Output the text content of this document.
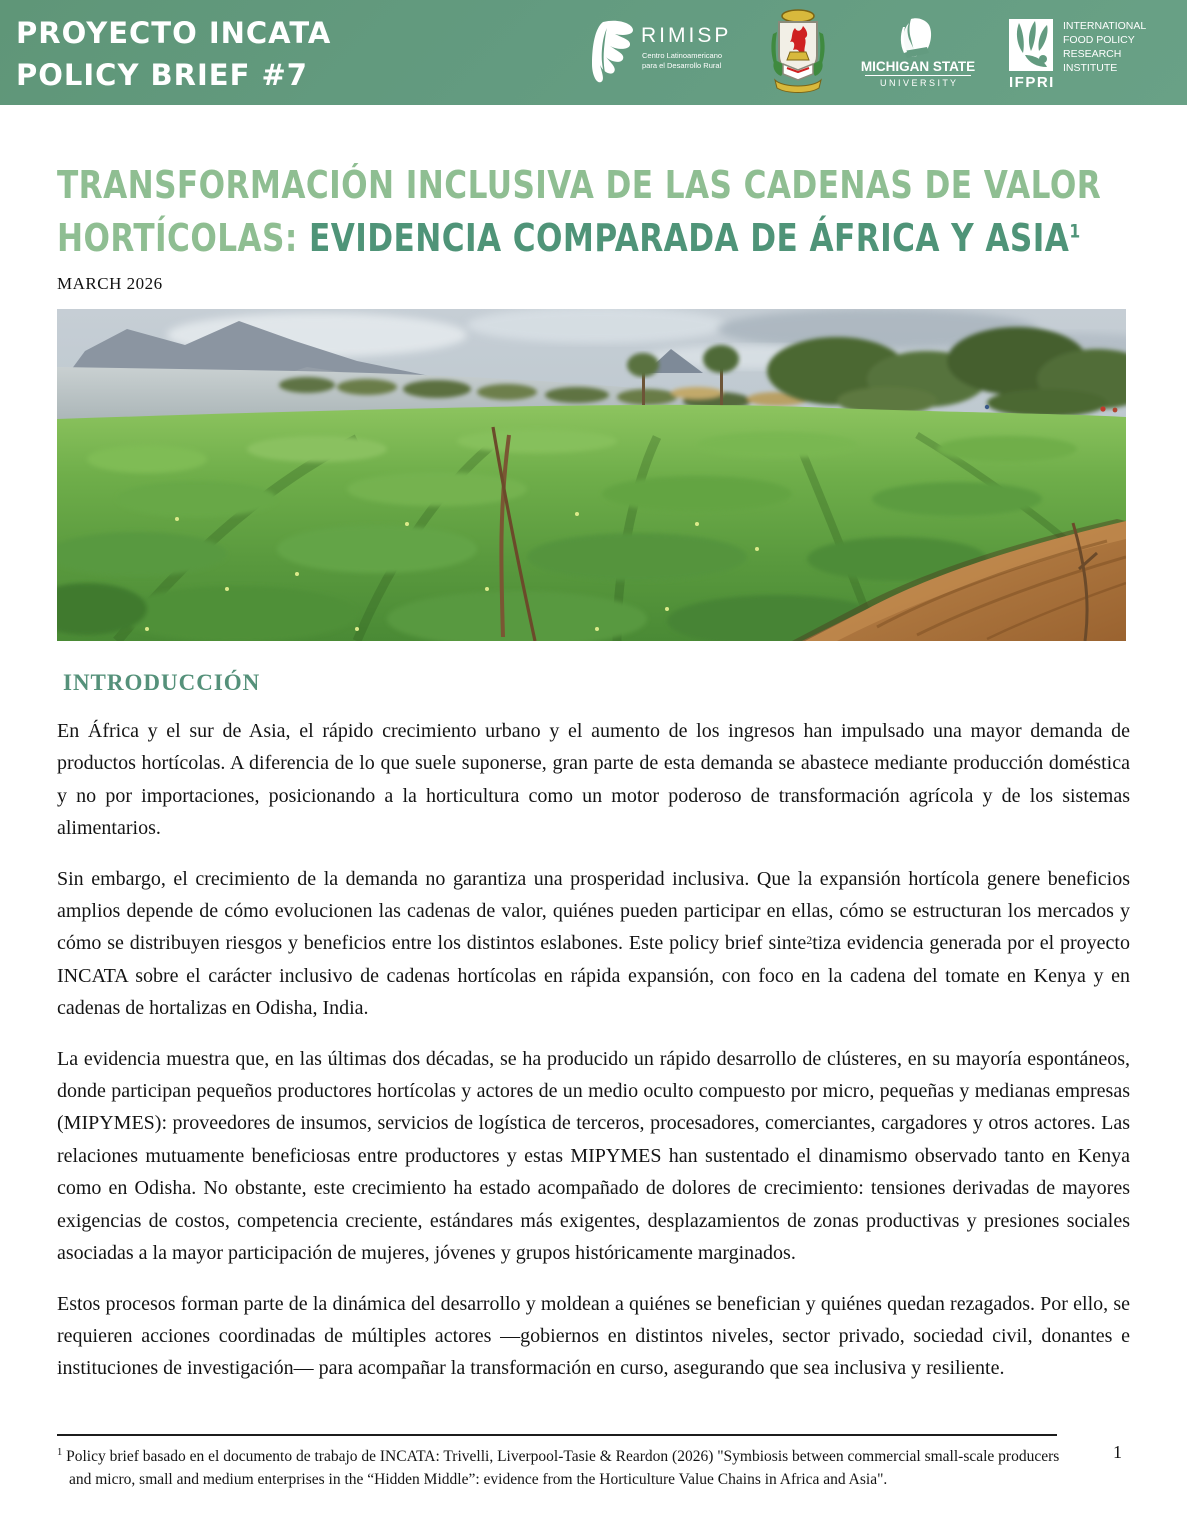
PROYECTO INCATA
POLICY BRIEF #7
RIMISP
Centro Latinoamericano
para el Desarrollo Rural	MICHIGAN STATE
U N I V E R S I T Y	IFPRI
INTERNATIONAL
FOOD POLICY
RESEARCH
INSTITUTE
TRANSFORMACIÓN INCLUSIVA DE LAS CADENAS DE VALOR
HORTÍCOLAS: EVIDENCIA COMPARADA DE ÁFRICA Y ASIA$^1$
MARCH 2026
INTRODUCCIÓN

En África y el sur de Asia, el rápido crecimiento urbano y el aumento de los ingresos han impulsado una mayor demanda de productos hortícolas. A diferencia de lo que suele suponerse, gran parte de esta demanda se abastece mediante producción doméstica y no por importaciones, posicionando a la horticultura como un motor poderoso de transformación agrícola y de los sistemas alimentarios.

Sin embargo, el crecimiento de la demanda no garantiza una prosperidad inclusiva. Que la expansión hortícola genere beneficios amplios depende de cómo evolucionen las cadenas de valor, quiénes pueden participar en ellas, cómo se estructuran los mercados y cómo se distribuyen riesgos y beneficios entre los distintos eslabones. Este policy brief sinte$^2$tiza evidencia generada por el proyecto INCATA sobre el carácter inclusivo de cadenas hortícolas en rápida expansión, con foco en la cadena del tomate en Kenya y en cadenas de hortalizas en Odisha, India.

La evidencia muestra que, en las últimas dos décadas, se ha producido un rápido desarrollo de clústeres, en su mayoría espontáneos, donde participan pequeños productores hortícolas y actores de un medio oculto compuesto por micro, pequeñas y medianas empresas (MIPYMES): proveedores de insumos, servicios de logística de terceros, procesadores, comerciantes, cargadores y otros actores. Las relaciones mutuamente beneficiosas entre productores y estas MIPYMES han sustentado el dinamismo observado tanto en Kenya como en Odisha. No obstante, este crecimiento ha estado acompañado de dolores de crecimiento: tensiones derivadas de mayores exigencias de costos, competencia creciente, estándares más exigentes, desplazamientos de zonas productivas y presiones sociales asociadas a la mayor participación de mujeres, jóvenes y grupos históricamente marginados.

Estos procesos forman parte de la dinámica del desarrollo y moldean a quiénes se benefician y quiénes quedan rezagados. Por ello, se requieren acciones coordinadas de múltiples actores —gobiernos en distintos niveles, sector privado, sociedad civil, donantes e instituciones de investigación— para acompañar la transformación en curso, asegurando que sea inclusiva y resiliente.

$^1$ Policy brief basado en el documento de trabajo de INCATA: Trivelli, Liverpool-Tasie & Reardon (2026) "Symbiosis between commercial small-scale producers and micro, small and medium enterprises in the “Hidden Middle”: evidence from the Horticulture Value Chains in Africa and Asia".
1
